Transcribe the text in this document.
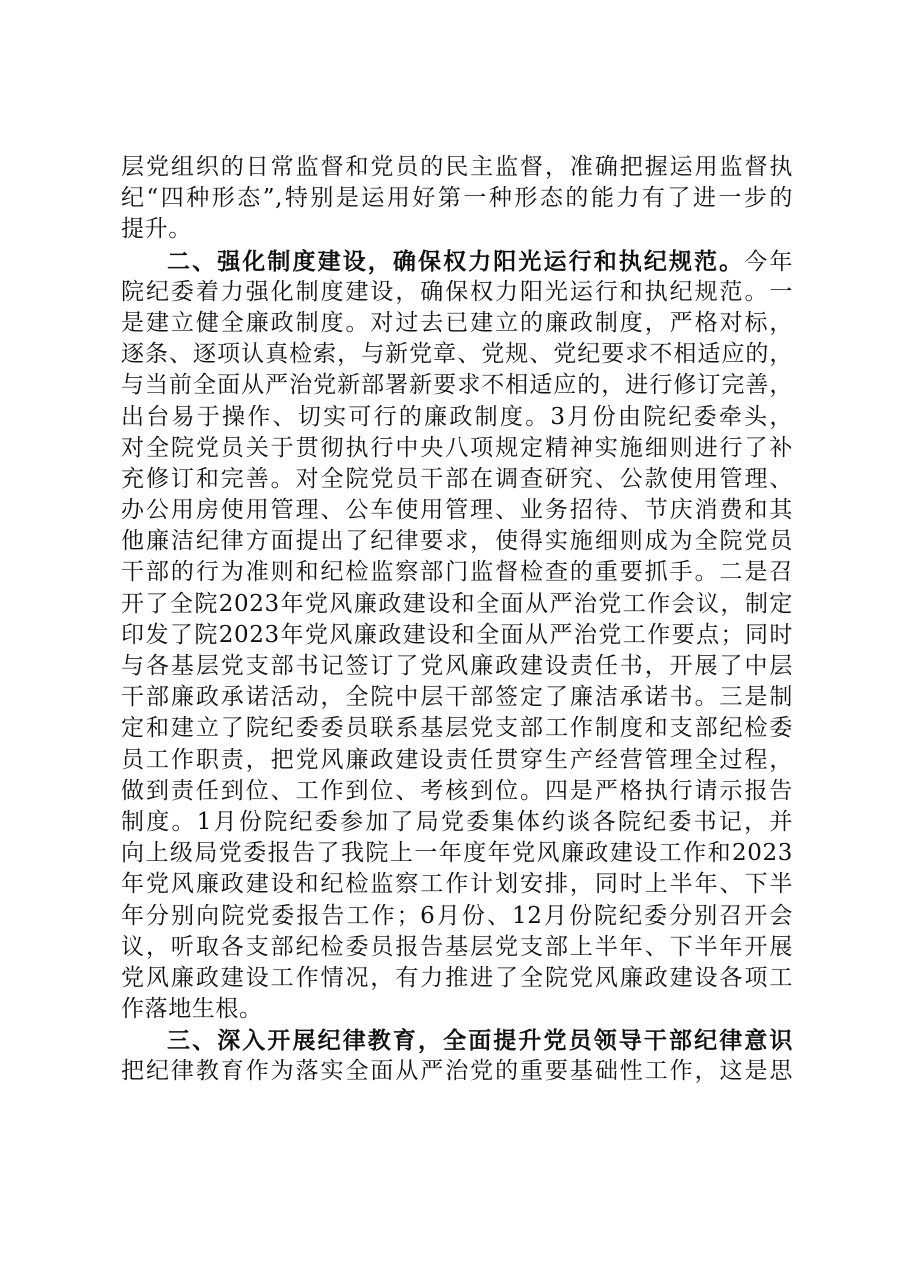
层党组织的日常监督和党员的民主监督，准确把握运用监督执
纪“四种形态”,特别是运用好第一种形态的能力有了进一步的
提升。
二、强化制度建设，确保权力阳光运行和执纪规范。今年
院纪委着力强化制度建设，确保权力阳光运行和执纪规范。一
是建立健全廉政制度。对过去已建立的廉政制度，严格对标，
逐条、逐项认真检索，与新党章、党规、党纪要求不相适应的，
与当前全面从严治党新部署新要求不相适应的，进行修订完善，
出台易于操作、切实可行的廉政制度。3月份由院纪委牵头，
对全院党员关于贯彻执行中央八项规定精神实施细则进行了补
充修订和完善。对全院党员干部在调查研究、公款使用管理、
办公用房使用管理、公车使用管理、业务招待、节庆消费和其
他廉洁纪律方面提出了纪律要求，使得实施细则成为全院党员
干部的行为准则和纪检监察部门监督检查的重要抓手。二是召
开了全院2023年党风廉政建设和全面从严治党工作会议，制定
印发了院2023年党风廉政建设和全面从严治党工作要点；同时
与各基层党支部书记签订了党风廉政建设责任书，开展了中层
干部廉政承诺活动，全院中层干部签定了廉洁承诺书。三是制
定和建立了院纪委委员联系基层党支部工作制度和支部纪检委
员工作职责，把党风廉政建设责任贯穿生产经营管理全过程，
做到责任到位、工作到位、考核到位。四是严格执行请示报告
制度。1月份院纪委参加了局党委集体约谈各院纪委书记，并
向上级局党委报告了我院上一年度年党风廉政建设工作和2023
年党风廉政建设和纪检监察工作计划安排，同时上半年、下半
年分别向院党委报告工作；6月份、12月份院纪委分别召开会
议，听取各支部纪检委员报告基层党支部上半年、下半年开展
党风廉政建设工作情况，有力推进了全院党风廉政建设各项工
作落地生根。
三、深入开展纪律教育，全面提升党员领导干部纪律意识
把纪律教育作为落实全面从严治党的重要基础性工作，这是思
